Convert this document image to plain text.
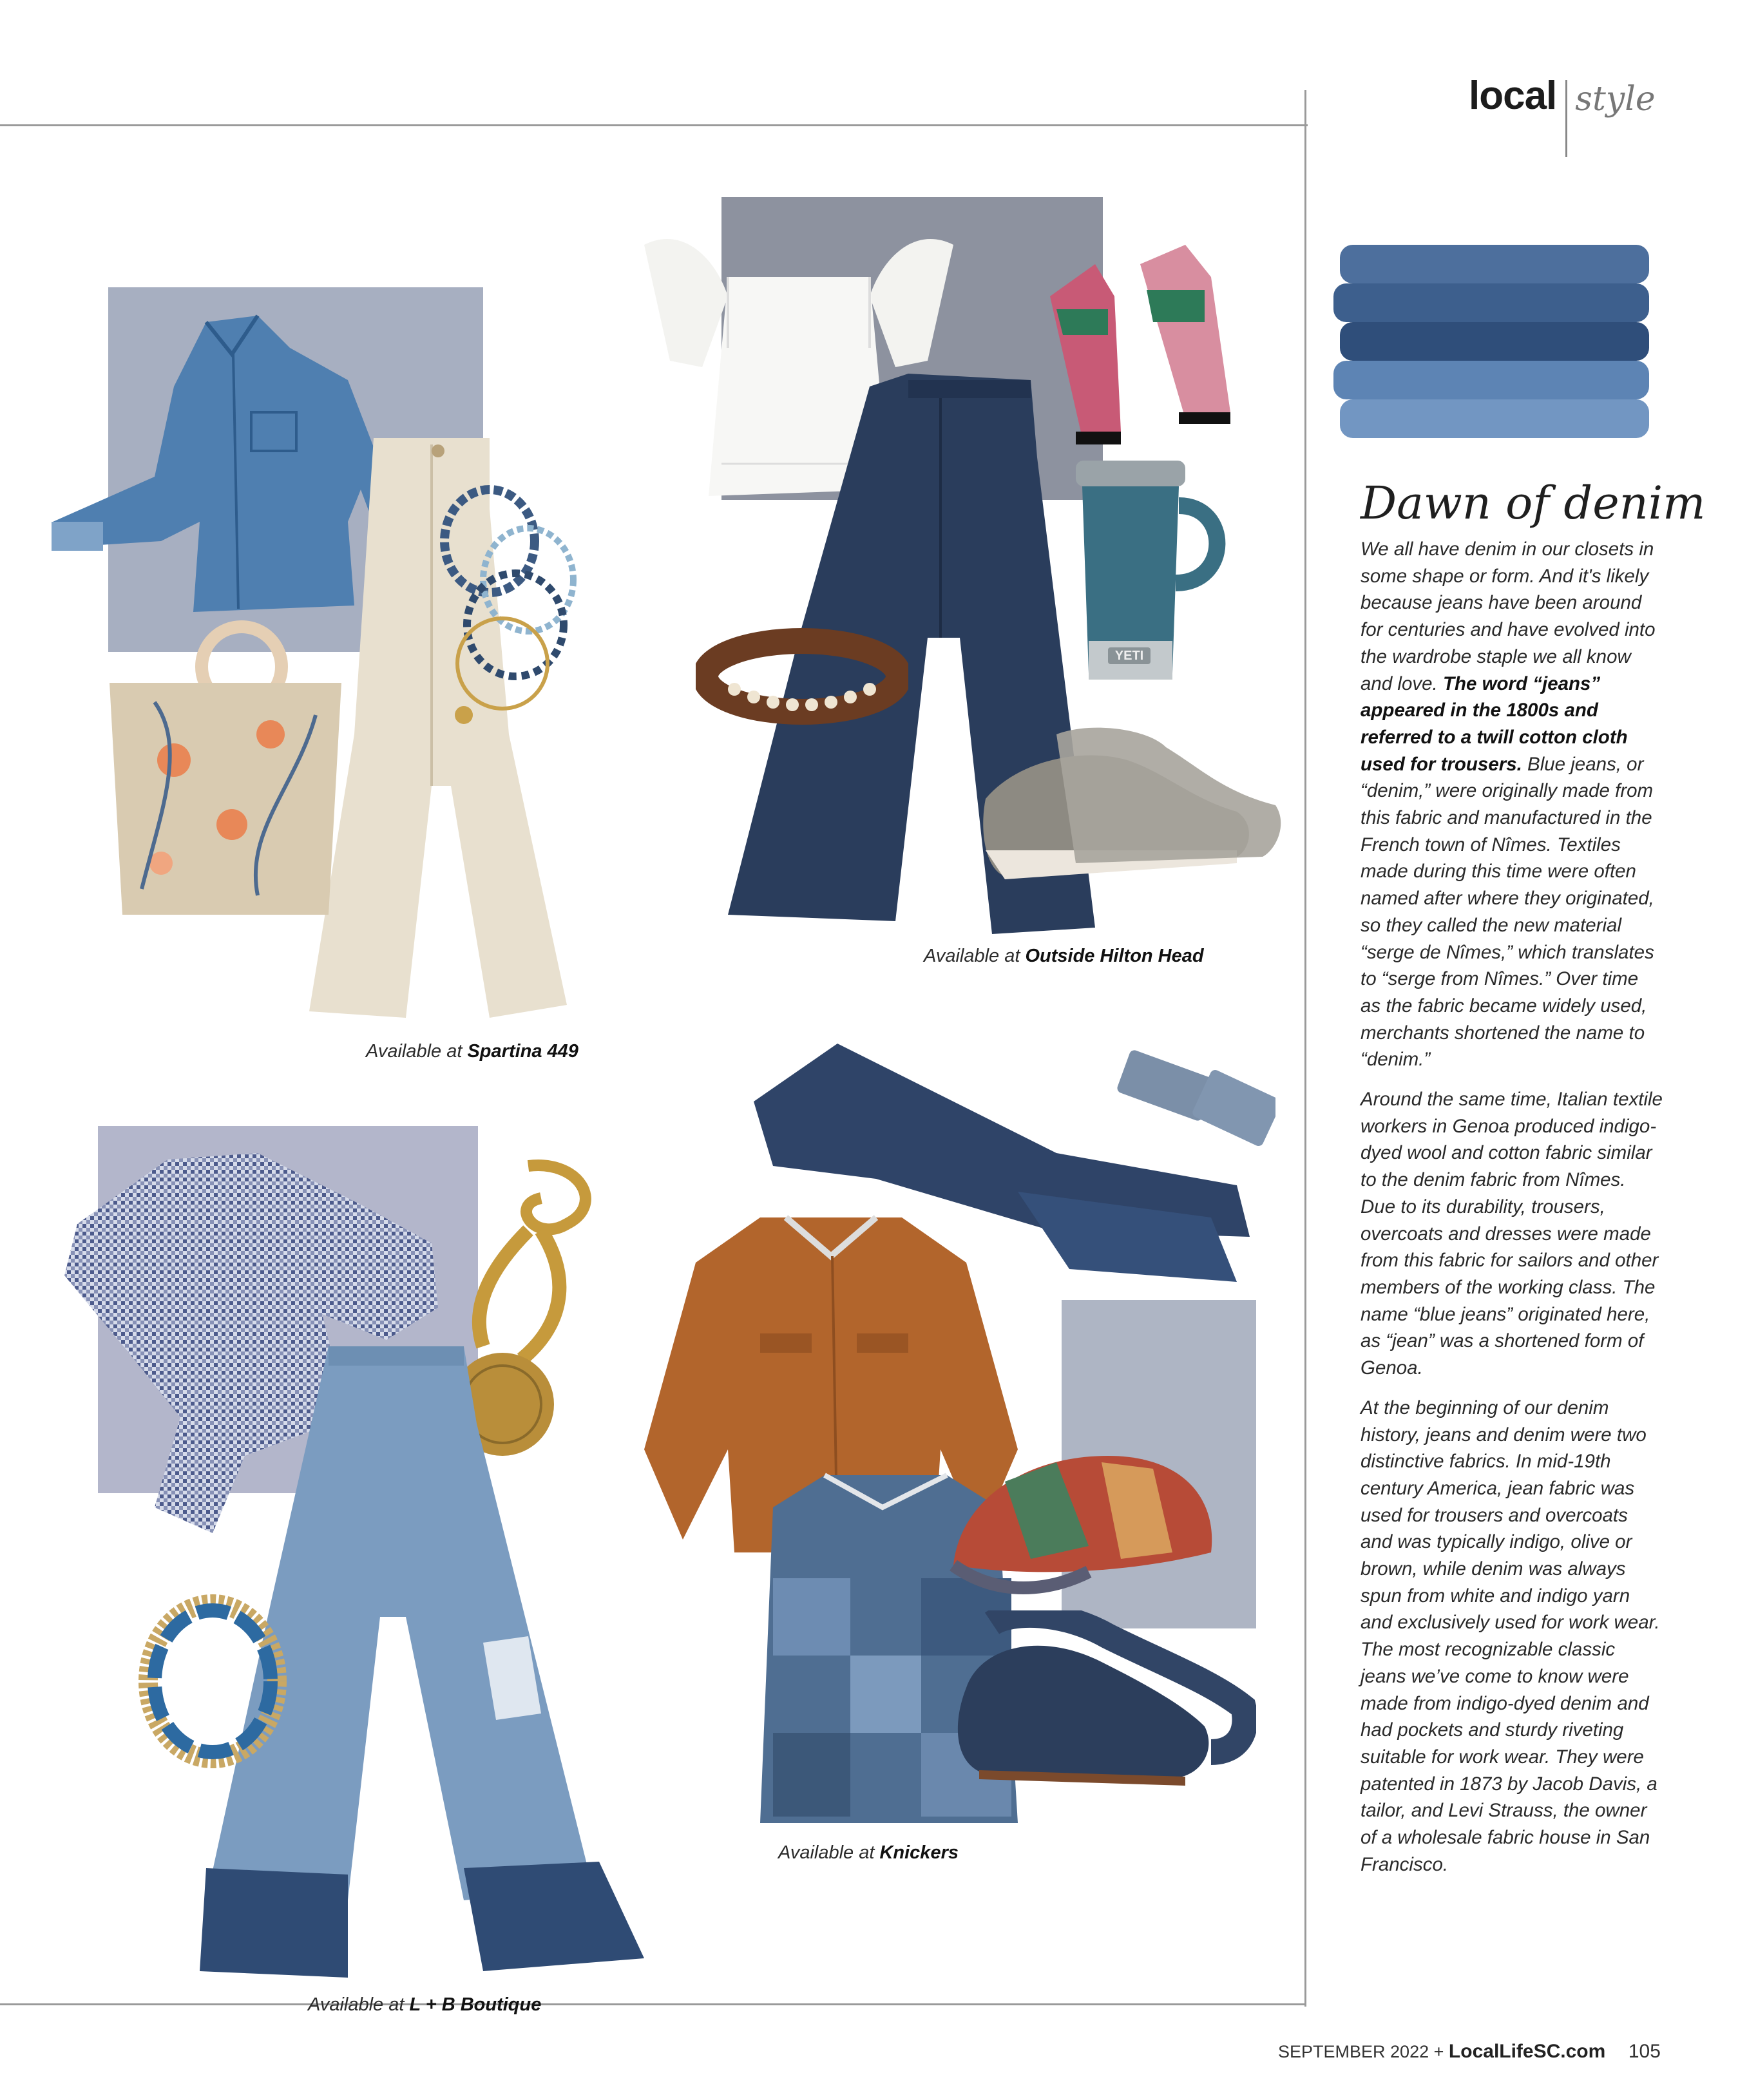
local style
Available at Spartina 449
YETI
Available at Outside Hilton Head
Available at L + B Boutique
Available at Knickers
Dawn of denim

We all have denim in our closets in some shape or form. And it's likely because jeans have been around for centuries and have evolved into the wardrobe staple we all know and love. The word “jeans” appeared in the 1800s and referred to a twill cotton cloth used for trousers. Blue jeans, or “denim,” were originally made from this fabric and manufactured in the French town of Nîmes. Textiles made during this time were often named after where they originated, so they called the new material “serge de Nîmes,” which translates to “serge from Nîmes.” Over time as the fabric became widely used, merchants shortened the name to “denim.”

Around the same time, Italian textile workers in Genoa produced indigo-dyed wool and cotton fabric similar to the denim fabric from Nîmes. Due to its durability, trousers, overcoats and dresses were made from this fabric for sailors and other members of the working class. The name “blue jeans” originated here, as “jean” was a shortened form of Genoa.

At the beginning of our denim history, jeans and denim were two distinctive fabrics. In mid-19th century America, jean fabric was used for trousers and overcoats and was typically indigo, olive or brown, while denim was always spun from white and indigo yarn and exclusively used for work wear. The most recognizable classic jeans we’ve come to know were made from indigo-dyed denim and had pockets and sturdy riveting suitable for work wear. They were patented in 1873 by Jacob Davis, a tailor, and Levi Strauss, the owner of a wholesale fabric house in San Francisco.

SEPTEMBER 2022 + LocalLifeSC.com 105
